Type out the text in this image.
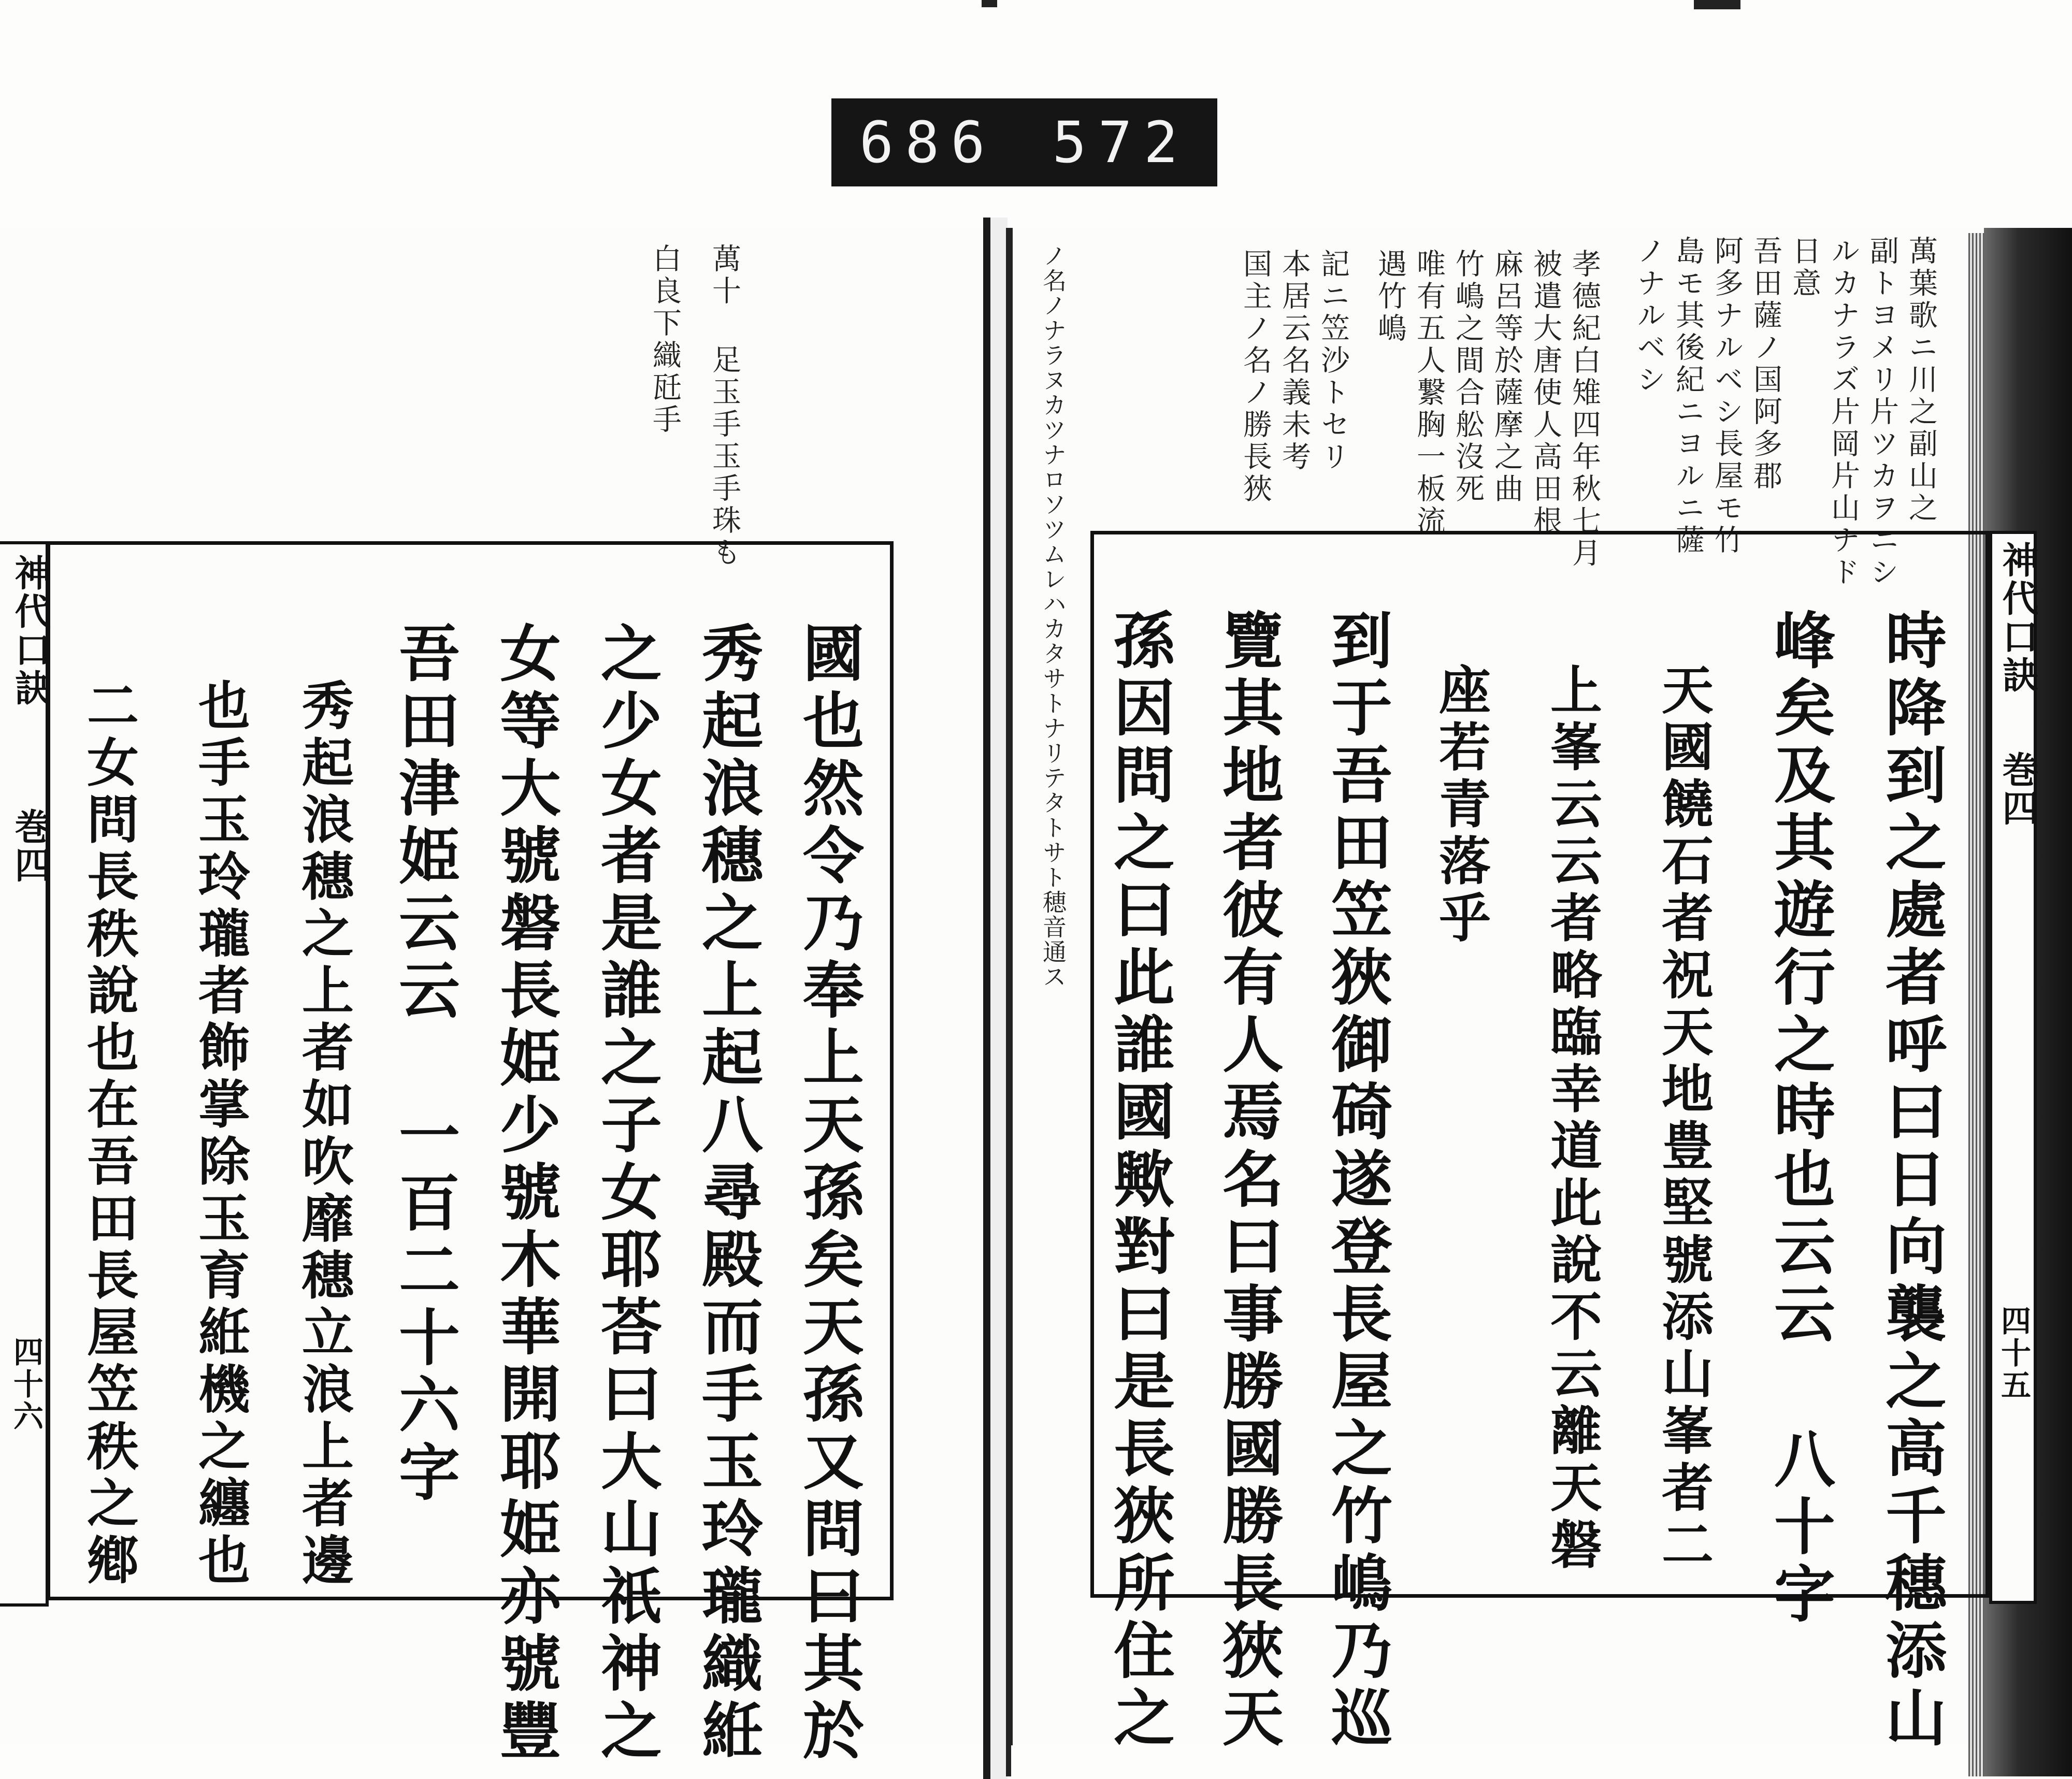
686 572
萬十 足玉手玉手珠も
白良下織瓩手
神代口訣
巻四
四十六	國也然令乃奉上天孫矣天孫又問曰其於
秀起浪穗之上起八尋殿而手玉玲瓏織絍
之少女者是誰之子女耶荅曰大山祇神之
女等大號磐長姫少號木華開耶姫亦號豐
吾田津姫云云 一百二十六字
秀起浪穗之上者如吹靡穗立浪上者邊
也手玉玲瓏者飾掌除玉育絍機之纏也
二女問長秩說也在吾田長屋笠秩之鄕
萬葉歌ニ川之副山之
副トヨメリ片ツカヲニシ
ルカナラズ片岡片山ナド
日意
吾田薩ノ国阿多郡
阿多ナルベシ長屋モ竹
島モ其後紀ニヨルニ薩
ノナルベシ
孝德紀白雉四年秋七月
被遣大唐使人高田根
麻呂等於薩摩之曲
竹嶋之間合舩沒死
唯有五人繋胸一板流
遇竹嶋
記ニ笠沙トセリ
本居云名義未考
国主ノ名ノ勝長狹
ノ名ノナラヌカツナロソツムレハカタサトナリテタトサト穂音通ス	神代口訣
巻四
四十五
時降到之處者呼曰日向襲之高千穗添山
峰矣及其遊行之時也云云 八十字
天國饒石者祝天地豊堅號添山峯者二
上峯云云者略臨幸道此說不云離天磐
座若青落乎
到于吾田笠狹御碕遂登長屋之竹嶋乃巡
覽其地者彼有人焉名曰事勝國勝長狹天
孫因問之曰此誰國歟對曰是長狹所住之
